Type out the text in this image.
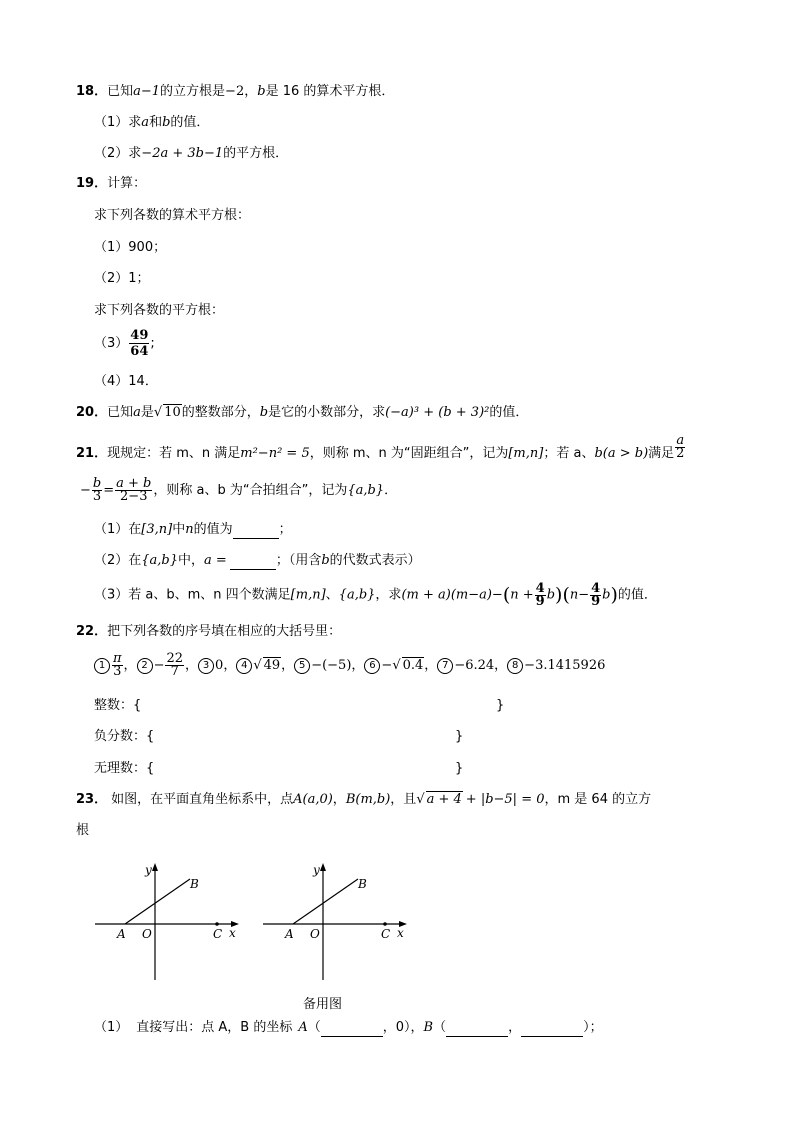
18．已知a−1的立方根是−2，b是 16 的算术平方根．
（1）求a和b的值．
（2）求−2a + 3b−1的平方根．
19．计算：
求下列各数的算术平方根：
（1）900；
（2）1；
求下列各数的平方根：
$(3) \frac{49}{64}$ ;
（4）14．
20．已知a是√ 10的整数部分，b是它的小数部分，求(−a)³ + (b + 3)²的值．
21．现规定：若 m、n 满足m²−n² = 5，则称 m、n 为“固距组合”，记为[m,n]；若 a、b(a > b)满足 $\frac{a}{2}$
− $\frac{b}{3} = \frac{a + b}{2-3}$ ，则称 a、b 为“合拍组合”，记为{a,b}．
（1）在[3,n]中n的值为	；
（2）在{a,b}中，a =	；（用含b的代数式表示）
（3）若 a、b、m、n 四个数满足[m,n]、{a,b}，求$(m + a)(m-a)-(n + \frac{4}{9} b)(n- \frac{4}{9} b)$的值．
22．把下列各数的序号填在相应的大括号里：
$1 \frac{\pi}{3}$ ， $2 - \frac{22}{7}$ ， 3 0， 4 √ 49， 5 −(−5)， 6 −√ 0.4， 7 −6.24， 8 −3.1415926
整数：{	}
负分数：{	}
无理数：{	}
23． 如图，在平面直角坐标系中，点A(a,0)，B(m,b)，且√ a + 4 + |b−5| = 0，m 是 64 的立方
根
y
x
A O
B
C
y
x
A O
B
C
备用图
（1） 直接写出：点 A，B 的坐标 A（	，0），B（	，	）；
